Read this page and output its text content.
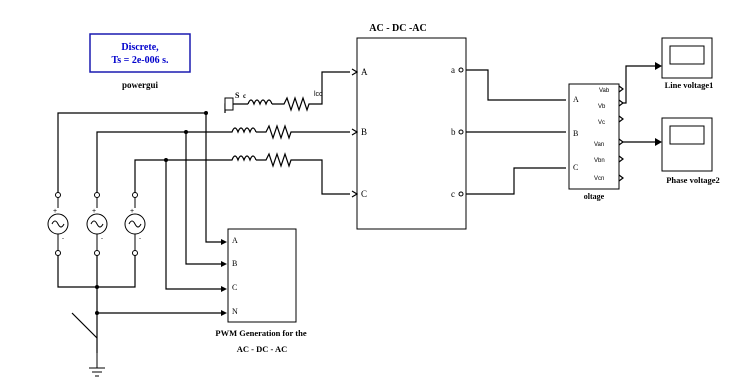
Discrete,
Ts = 2e-006 s.
powergui
AC - DC -AC
A
B
C
a
b
c
A
B
C
Vab
Vb
Vc
Van
Vbn
Vcn
oltage
Line voltage1
Phase voltage2
A
B
C
N
PWM Generation for the
AC - DC - AC
S c	lcc
+	+	+
-	-	-
